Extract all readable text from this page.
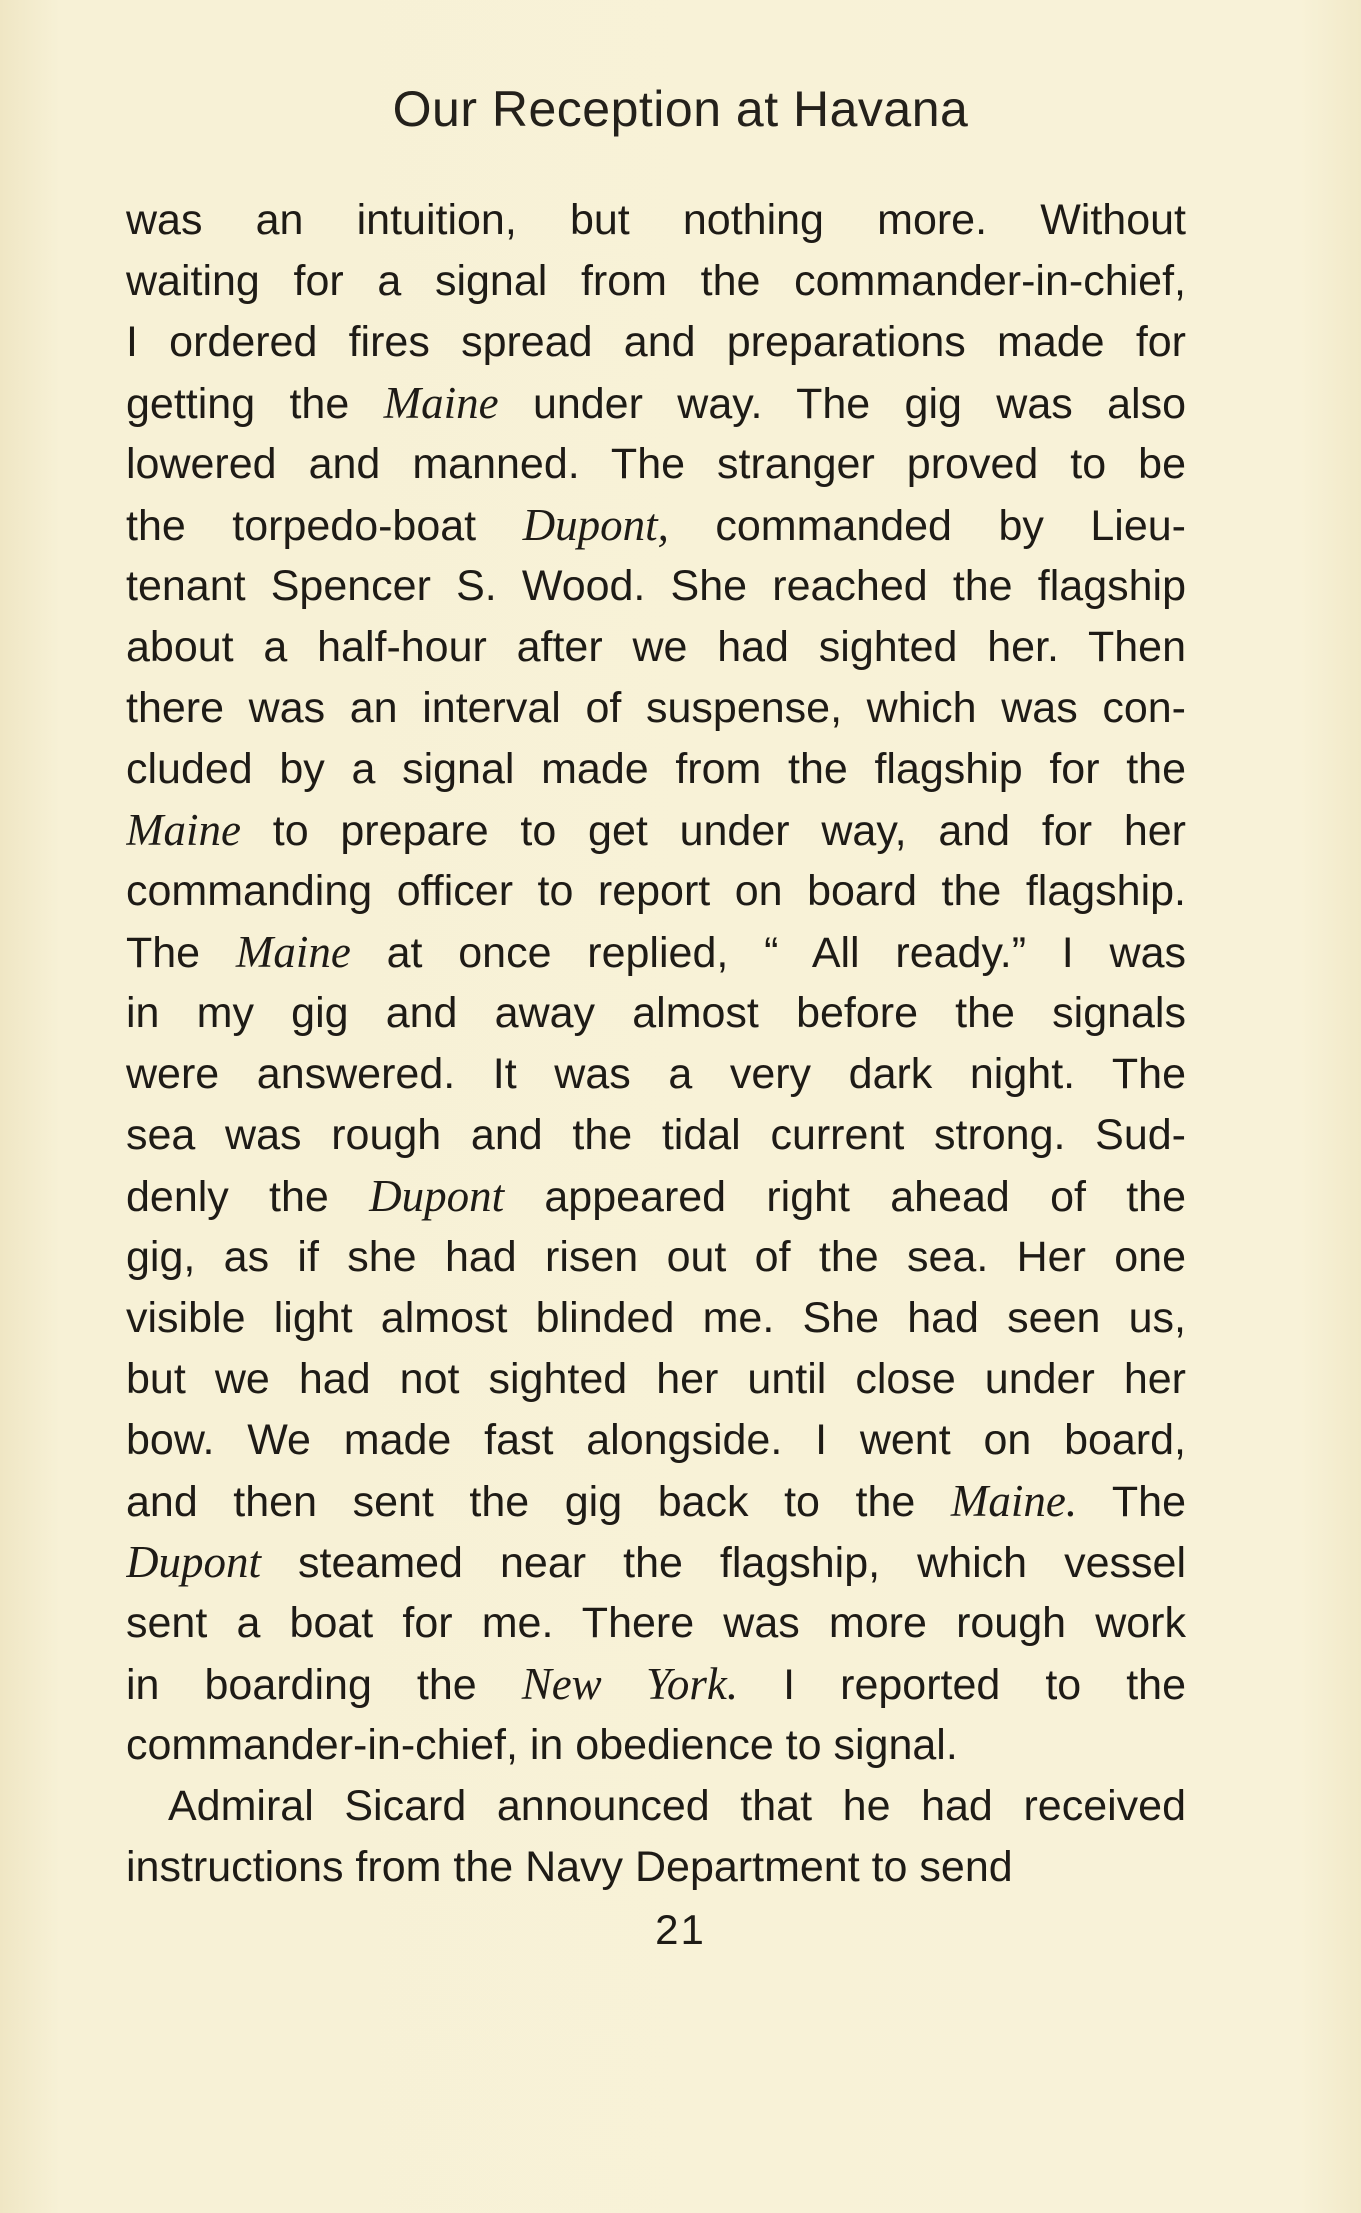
Our Reception at Havana
was an intuition, but nothing more. Without
waiting for a signal from the commander-in-chief,
I ordered fires spread and preparations made for
getting the Maine under way. The gig was also
lowered and manned. The stranger proved to be
the torpedo-boat Dupont, commanded by Lieu-
tenant Spencer S. Wood. She reached the flagship
about a half-hour after we had sighted her. Then
there was an interval of suspense, which was con-
cluded by a signal made from the flagship for the
Maine to prepare to get under way, and for her
commanding officer to report on board the flagship.
The Maine at once replied, “ All ready.” I was
in my gig and away almost before the signals
were answered. It was a very dark night. The
sea was rough and the tidal current strong. Sud-
denly the Dupont appeared right ahead of the
gig, as if she had risen out of the sea. Her one
visible light almost blinded me. She had seen us,
but we had not sighted her until close under her
bow. We made fast alongside. I went on board,
and then sent the gig back to the Maine. The
Dupont steamed near the flagship, which vessel
sent a boat for me. There was more rough work
in boarding the New York. I reported to the
commander-in-chief, in obedience to signal.
Admiral Sicard announced that he had received
instructions from the Navy Department to send
21
